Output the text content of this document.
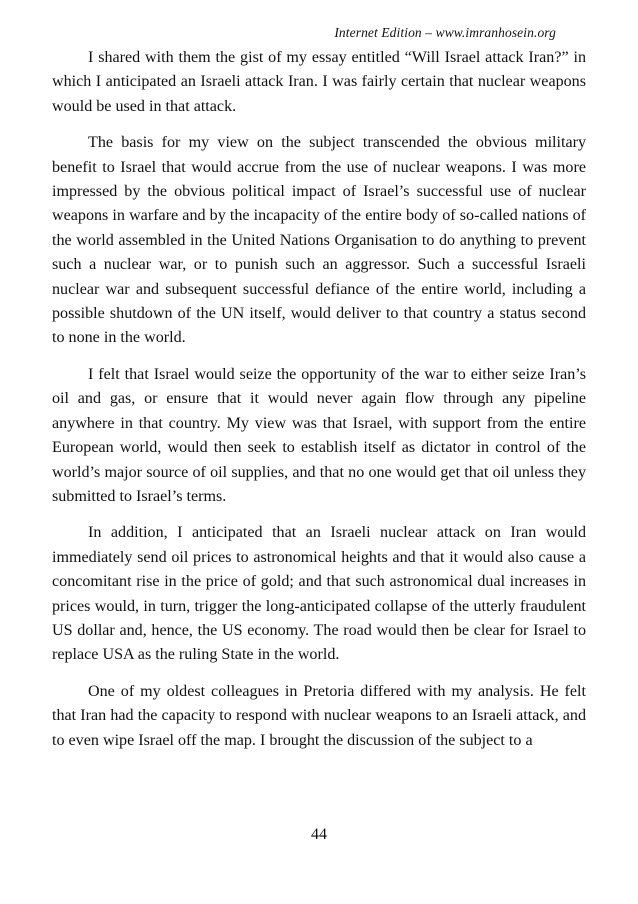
Internet Edition – www.imranhosein.org

I shared with them the gist of my essay entitled “Will Israel attack Iran?” in which I anticipated an Israeli attack Iran. I was fairly certain that nuclear weapons would be used in that attack.

The basis for my view on the subject transcended the obvious military benefit to Israel that would accrue from the use of nuclear weapons. I was more impressed by the obvious political impact of Israel’s successful use of nuclear weapons in warfare and by the incapacity of the entire body of so-called nations of the world assembled in the United Nations Organisation to do anything to prevent such a nuclear war, or to punish such an aggressor. Such a successful Israeli nuclear war and subsequent successful defiance of the entire world, including a possible shutdown of the UN itself, would deliver to that country a status second to none in the world.

I felt that Israel would seize the opportunity of the war to either seize Iran’s oil and gas, or ensure that it would never again flow through any pipeline anywhere in that country. My view was that Israel, with support from the entire European world, would then seek to establish itself as dictator in control of the world’s major source of oil supplies, and that no one would get that oil unless they submitted to Israel’s terms.

In addition, I anticipated that an Israeli nuclear attack on Iran would immediately send oil prices to astronomical heights and that it would also cause a concomitant rise in the price of gold; and that such astronomical dual increases in prices would, in turn, trigger the long-anticipated collapse of the utterly fraudulent US dollar and, hence, the US economy. The road would then be clear for Israel to replace USA as the ruling State in the world.

One of my oldest colleagues in Pretoria differed with my analysis. He felt that Iran had the capacity to respond with nuclear weapons to an Israeli attack, and to even wipe Israel off the map. I brought the discussion of the subject to a

44
